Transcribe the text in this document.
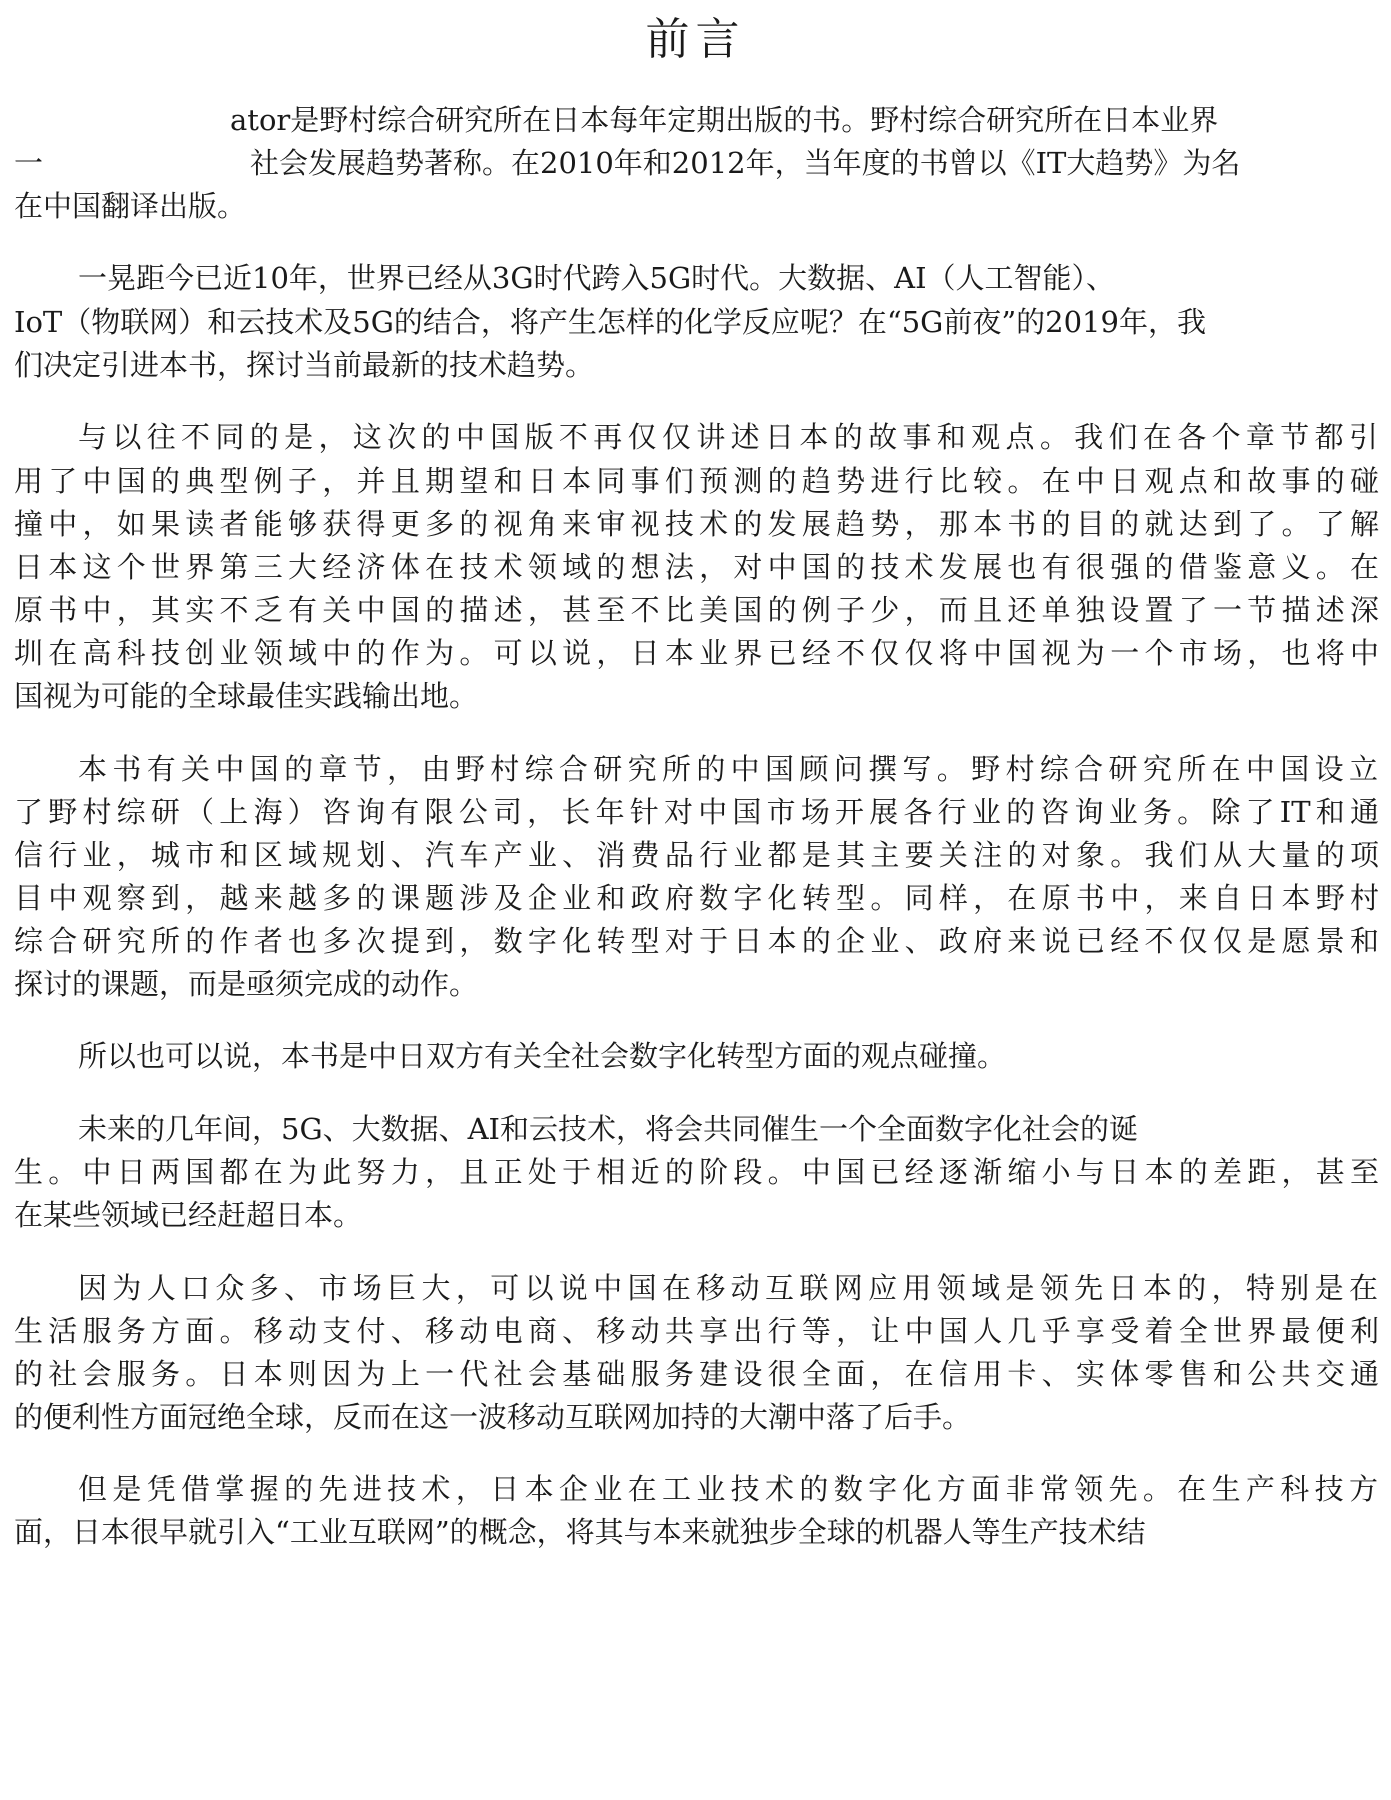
前言
ator是野村综合研究所在日本每年定期出版的书。野村综合研究所在日本业界
一	社会发展趋势著称。在2010年和2012年，当年度的书曾以《IT大趋势》为名
在中国翻译出版。
一晃距今已近10年，世界已经从3G时代跨入5G时代。大数据、AI（人工智能）、
IoT（物联网）和云技术及5G的结合，将产生怎样的化学反应呢？在“5G前夜”的2019年，我
们决定引进本书，探讨当前最新的技术趋势。
与以往不同的是，这次的中国版不再仅仅讲述日本的故事和观点。我们在各个章节都引
用了中国的典型例子，并且期望和日本同事们预测的趋势进行比较。在中日观点和故事的碰
撞中，如果读者能够获得更多的视角来审视技术的发展趋势，那本书的目的就达到了。了解
日本这个世界第三大经济体在技术领域的想法，对中国的技术发展也有很强的借鉴意义。在
原书中，其实不乏有关中国的描述，甚至不比美国的例子少，而且还单独设置了一节描述深
圳在高科技创业领域中的作为。可以说，日本业界已经不仅仅将中国视为一个市场，也将中
国视为可能的全球最佳实践输出地。
本书有关中国的章节，由野村综合研究所的中国顾问撰写。野村综合研究所在中国设立
了野村综研（上海）咨询有限公司，长年针对中国市场开展各行业的咨询业务。除了IT和通
信行业，城市和区域规划、汽车产业、消费品行业都是其主要关注的对象。我们从大量的项
目中观察到，越来越多的课题涉及企业和政府数字化转型。同样，在原书中，来自日本野村
综合研究所的作者也多次提到，数字化转型对于日本的企业、政府来说已经不仅仅是愿景和
探讨的课题，而是亟须完成的动作。
所以也可以说，本书是中日双方有关全社会数字化转型方面的观点碰撞。
未来的几年间，5G、大数据、AI和云技术，将会共同催生一个全面数字化社会的诞
生。中日两国都在为此努力，且正处于相近的阶段。中国已经逐渐缩小与日本的差距，甚至
在某些领域已经赶超日本。
因为人口众多、市场巨大，可以说中国在移动互联网应用领域是领先日本的，特别是在
生活服务方面。移动支付、移动电商、移动共享出行等，让中国人几乎享受着全世界最便利
的社会服务。日本则因为上一代社会基础服务建设很全面，在信用卡、实体零售和公共交通
的便利性方面冠绝全球，反而在这一波移动互联网加持的大潮中落了后手。
但是凭借掌握的先进技术，日本企业在工业技术的数字化方面非常领先。在生产科技方
面，日本很早就引入“工业互联网”的概念，将其与本来就独步全球的机器人等生产技术结
